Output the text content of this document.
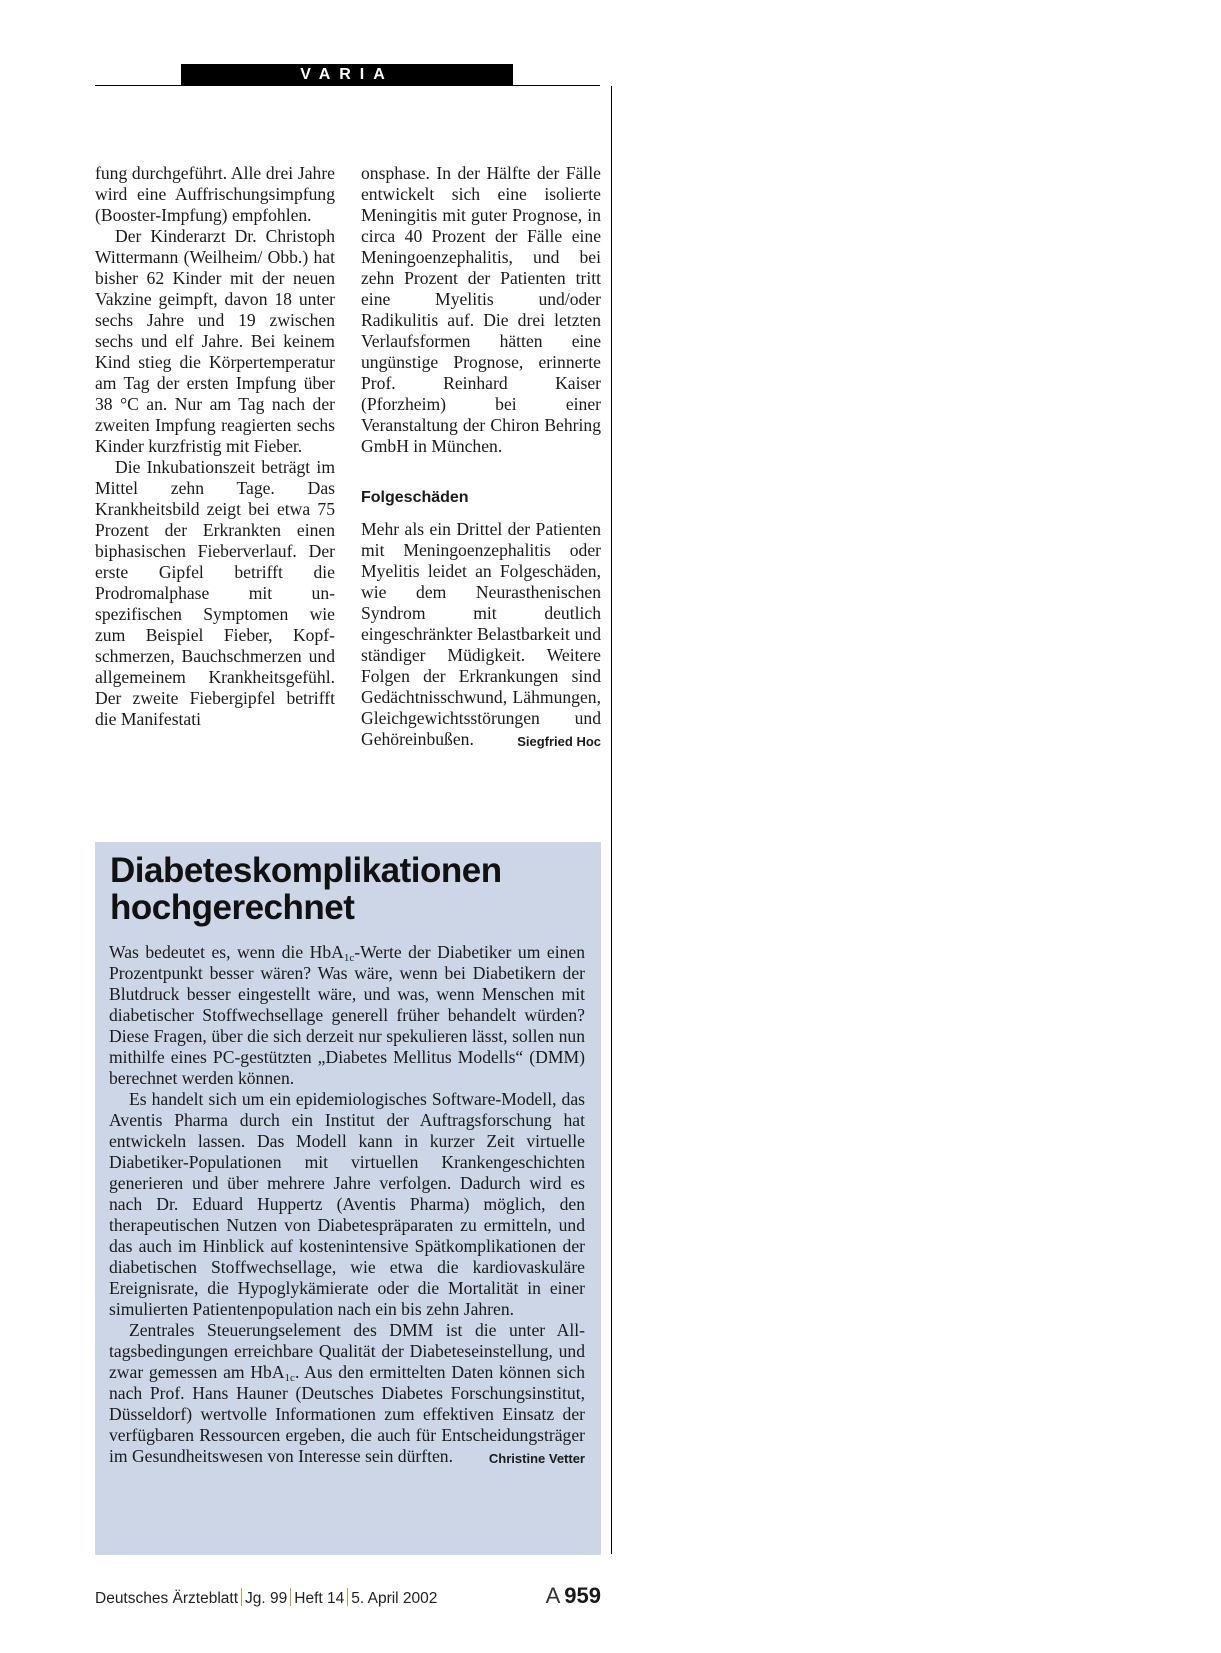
VARIA

fung durchgeführt. Alle drei Jahre wird eine Auffrischungsimpfung (Booster-Impfung) empfohlen.

Der Kinderarzt Dr. Christoph Wittermann (Weilheim/ Obb.) hat bisher 62 Kinder mit der neuen Vakzine geimpft, davon 18 unter sechs Jahre und 19 zwischen sechs und elf Jahre. Bei keinem Kind stieg die Körpertemperatur am Tag der ersten Impfung über 38 °C an. Nur am Tag nach der zweiten Impfung reagierten sechs Kinder kurzfristig mit Fieber.

Die Inkubationszeit beträgt im Mittel zehn Tage. Das Krankheitsbild zeigt bei etwa 75 Prozent der Erkrankten einen biphasischen Fieberverlauf. Der erste Gipfel betrifft die Prodromalphase mit unspezifischen Symptomen wie zum Beispiel Fieber, Kopfschmerzen, Bauchschmerzen und allgemeinem Krankheitsgefühl. Der zweite Fiebergipfel betrifft die Manifestati

onsphase. In der Hälfte der Fälle entwickelt sich eine isolierte Meningitis mit guter Prognose, in circa 40 Prozent der Fälle eine Meningoenzephalitis, und bei zehn Prozent der Patienten tritt eine Myelitis und/oder Radikulitis auf. Die drei letzten Verlaufsformen hätten eine ungünstige Prognose, erinnerte Prof. Reinhard Kaiser (Pforzheim) bei einer Veranstaltung der Chiron Behring GmbH in München.

Folgeschäden

Mehr als ein Drittel der Patienten mit Meningoenzephalitis oder Myelitis leidet an Folgeschäden, wie dem Neurasthenischen Syndrom mit deutlich eingeschränkter Belastbarkeit und ständiger Müdigkeit. Weitere Folgen der Erkrankungen sind Gedächtnisschwund, Lähmungen, Gleichgewichtsstörungen und Gehöreinbußen.	Siegfried Hoc

Diabeteskomplikationen
hochgerechnet

Was bedeutet es, wenn die HbA$_{1c}$-Werte der Diabetiker um einen Prozentpunkt besser wären? Was wäre, wenn bei Diabetikern der Blutdruck besser eingestellt wäre, und was, wenn Menschen mit diabetischer Stoffwechsellage generell früher behandelt würden? Diese Fragen, über die sich derzeit nur spekulieren lässt, sollen nun mithilfe eines PC-gestützten „Diabetes Mellitus Modells“ (DMM) berechnet werden können.

Es handelt sich um ein epidemiologisches Software-Modell, das Aventis Pharma durch ein Institut der Auftragsforschung hat entwickeln lassen. Das Modell kann in kurzer Zeit virtuelle Diabetiker-Populationen mit virtuellen Krankengeschichten generieren und über mehrere Jahre verfolgen. Dadurch wird es nach Dr. Eduard Huppertz (Aventis Pharma) möglich, den therapeutischen Nutzen von Diabetespräparaten zu ermitteln, und das auch im Hinblick auf kostenintensive Spätkomplikationen der diabetischen Stoffwechsellage, wie etwa die kardiovaskuläre Ereignisrate, die Hypoglykämierate oder die Mortalität in einer simulierten Patientenpopulation nach ein bis zehn Jahren.

Zentrales Steuerungselement des DMM ist die unter Alltagsbedingungen erreichbare Qualität der Diabeteseinstellung, und zwar gemessen am HbA$_{1c}$. Aus den ermittelten Daten können sich nach Prof. Hans Hauner (Deutsches Diabetes Forschungsinstitut, Düsseldorf) wertvolle Informationen zum effektiven Einsatz der verfügbaren Ressourcen ergeben, die auch für Entscheidungsträger im Gesundheitswesen von Interesse sein dürften.	Christine Vetter

Deutsches Ärzteblatt Jg. 99 Heft 14 5. April 2002	A 959
